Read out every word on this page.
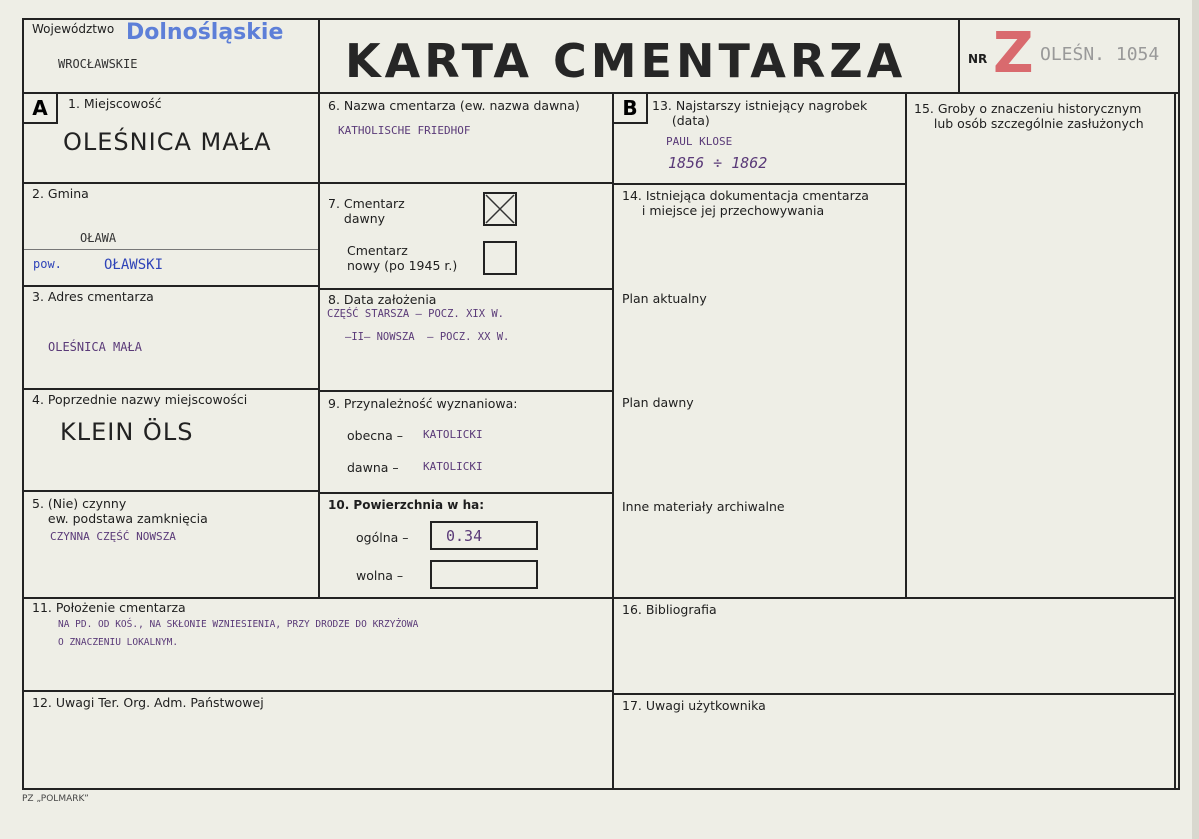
Województwo Dolnośląskie
WROCŁAWSKIE	KARTA CMENTARZA	NR Z OLEŚN. 1054
A	1. Miejscowość
OLEŚNICA MAŁA
2. Gmina
OŁAWA
pow.	OŁAWSKI
3. Adres cmentarza
OLEŚNICA MAŁA
4. Poprzednie nazwy miejscowości
KLEIN ÖLS
5. (Nie) czynny
ew. podstawa zamknięcia
CZYNNA CZĘŚĆ NOWSZA
6. Nazwa cmentarza (ew. nazwa dawna)
KATHOLISCHE FRIEDHOF
7. Cmentarz
dawny
Cmentarz
nowy (po 1945 r.)
8. Data założenia
CZĘŚĆ STARSZA – POCZ. XIX W.
–II– NOWSZA  – POCZ. XX W.
9. Przynależność wyznaniowa:
obecna – KATOLICKI
dawna – KATOLICKI
10. Powierzchnia w ha:
ogólna –	0.34
wolna –
B	13. Najstarszy istniejący nagrobek
(data)
PAUL KLOSE
1856 ÷ 1862
14. Istniejąca dokumentacja cmentarza
i miejsce jej przechowywania
Plan aktualny
Plan dawny
Inne materiały archiwalne
15. Groby o znaczeniu historycznym
lub osób szczególnie zasłużonych
11. Położenie cmentarza
NA PD. OD KOŚ., NA SKŁONIE WZNIESIENIA, PRZY DRODZE DO KRZYŻOWA
O ZNACZENIU LOKALNYM.
12. Uwagi Ter. Org. Adm. Państwowej
16. Bibliografia
17. Uwagi użytkownika
PZ „POLMARK”
